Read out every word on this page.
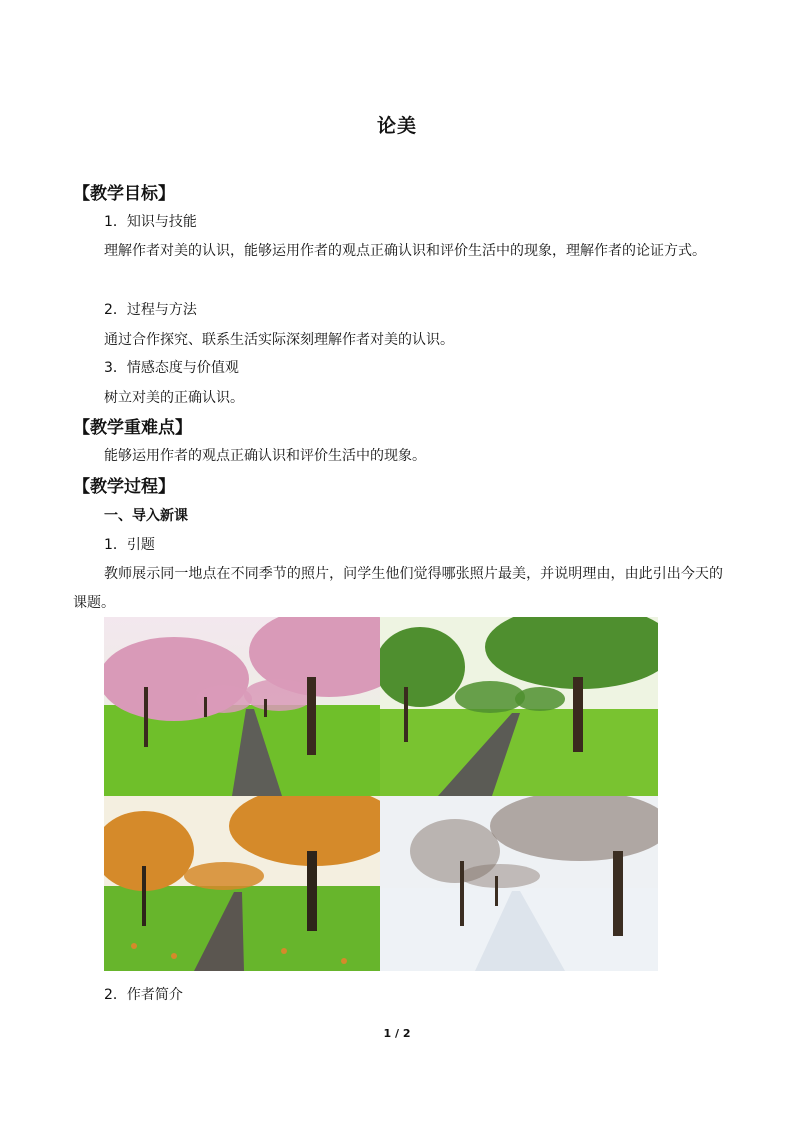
论美
【教学目标】
1．知识与技能
理解作者对美的认识，能够运用作者的观点正确认识和评价生活中的现象，理解作者的论证方式。
2．过程与方法
通过合作探究、联系生活实际深刻理解作者对美的认识。
3．情感态度与价值观
树立对美的正确认识。
【教学重难点】
能够运用作者的观点正确认识和评价生活中的现象。
【教学过程】
一、导入新课
1．引题
教师展示同一地点在不同季节的照片，问学生他们觉得哪张照片最美，并说明理由，由此引出今天的课题。
2．作者简介
1 / 2
